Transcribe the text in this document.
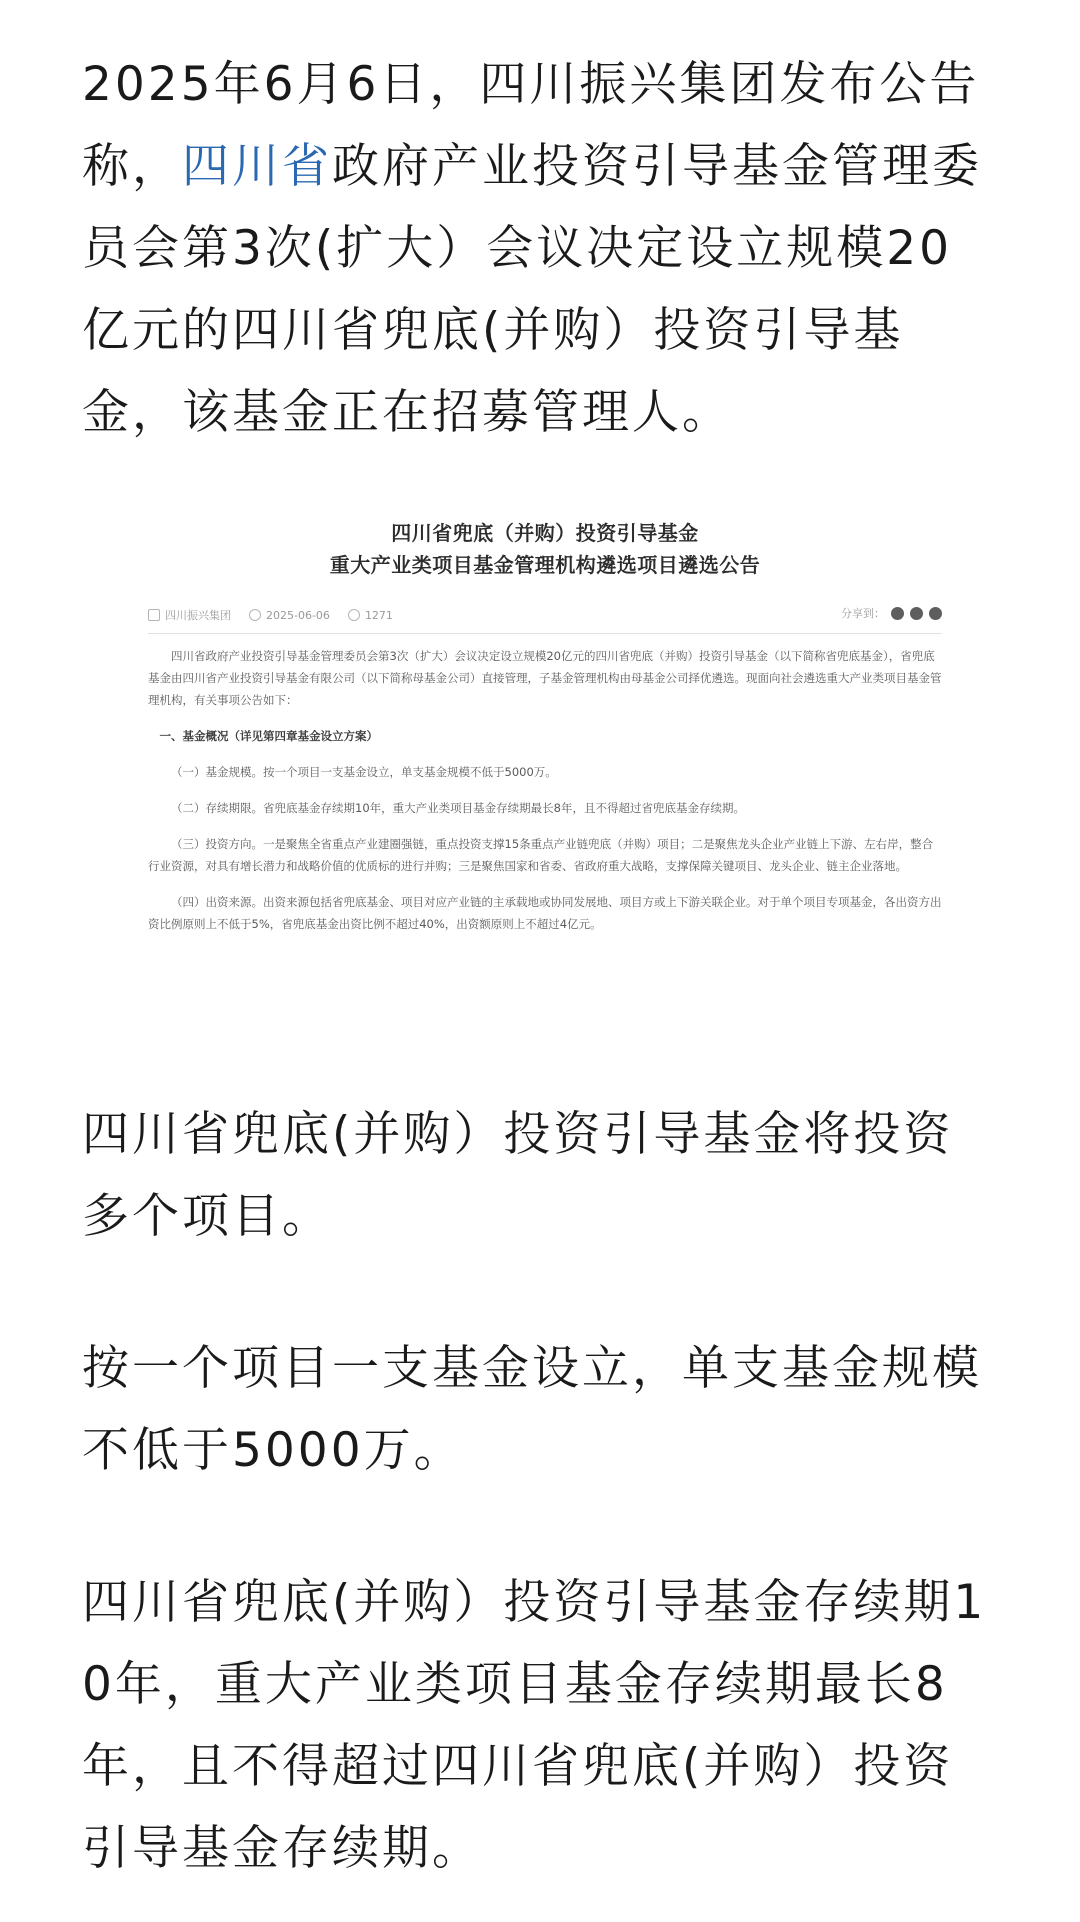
2025年6月6日，四川振兴集团发布公告称，四川省政府产业投资引导基金管理委员会第3次(扩大）会议决定设立规模20亿元的四川省兜底(并购）投资引导基金，该基金正在招募管理人。

四川省兜底（并购）投资引导基金
重大产业类项目基金管理机构遴选项目遴选公告
四川振兴集团	2025-06-06	1271	分享到：

四川省政府产业投资引导基金管理委员会第3次（扩大）会议决定设立规模20亿元的四川省兜底（并购）投资引导基金（以下简称省兜底基金），省兜底基金由四川省产业投资引导基金有限公司（以下简称母基金公司）直接管理，子基金管理机构由母基金公司择优遴选。现面向社会遴选重大产业类项目基金管理机构，有关事项公告如下：

一、基金概况（详见第四章基金设立方案）

（一）基金规模。按一个项目一支基金设立，单支基金规模不低于5000万。

（二）存续期限。省兜底基金存续期10年，重大产业类项目基金存续期最长8年，且不得超过省兜底基金存续期。

（三）投资方向。一是聚焦全省重点产业建圈强链，重点投资支撑15条重点产业链兜底（并购）项目；二是聚焦龙头企业产业链上下游、左右岸，整合行业资源，对具有增长潜力和战略价值的优质标的进行并购；三是聚焦国家和省委、省政府重大战略，支撑保障关键项目、龙头企业、链主企业落地。

（四）出资来源。出资来源包括省兜底基金、项目对应产业链的主承载地或协同发展地、项目方或上下游关联企业。对于单个项目专项基金，各出资方出资比例原则上不低于5%，省兜底基金出资比例不超过40%，出资额原则上不超过4亿元。

四川省兜底(并购）投资引导基金将投资多个项目。

按一个项目一支基金设立，单支基金规模不低于5000万。

四川省兜底(并购）投资引导基金存续期10年，重大产业类项目基金存续期最长8年，且不得超过四川省兜底(并购）投资引导基金存续期。
